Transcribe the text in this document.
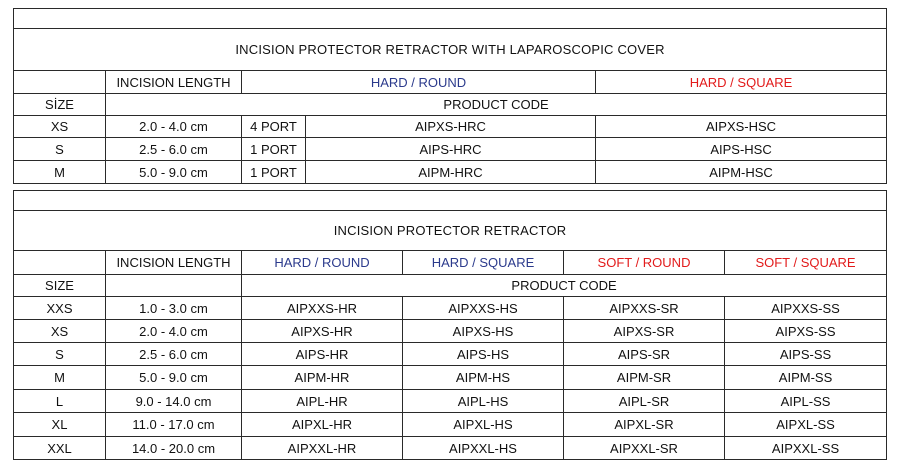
INCISION PROTECTOR RETRACTOR WITH LAPAROSCOPIC COVER				
	INCISION LENGTH	HARD / ROUND		HARD / SQUARE
SİZE	PRODUCT CODE			
XS	2.0 - 4.0 cm	4 PORT	AIPXS-HRC	AIPXS-HSC
S	2.5 - 6.0 cm	1 PORT	AIPS-HRC	AIPS-HSC
M	5.0 - 9.0 cm	1 PORT	AIPM-HRC	AIPM-HSC

INCISION PROTECTOR RETRACTOR					
	INCISION LENGTH	HARD / ROUND	HARD / SQUARE	SOFT / ROUND	SOFT / SQUARE
SIZE		PRODUCT CODE			
XXS	1.0 - 3.0 cm	AIPXXS-HR	AIPXXS-HS	AIPXXS-SR	AIPXXS-SS
XS	2.0 - 4.0 cm	AIPXS-HR	AIPXS-HS	AIPXS-SR	AIPXS-SS
S	2.5 - 6.0 cm	AIPS-HR	AIPS-HS	AIPS-SR	AIPS-SS
M	5.0 - 9.0 cm	AIPM-HR	AIPM-HS	AIPM-SR	AIPM-SS
L	9.0 - 14.0 cm	AIPL-HR	AIPL-HS	AIPL-SR	AIPL-SS
XL	11.0 - 17.0 cm	AIPXL-HR	AIPXL-HS	AIPXL-SR	AIPXL-SS
XXL	14.0 - 20.0 cm	AIPXXL-HR	AIPXXL-HS	AIPXXL-SR	AIPXXL-SS
